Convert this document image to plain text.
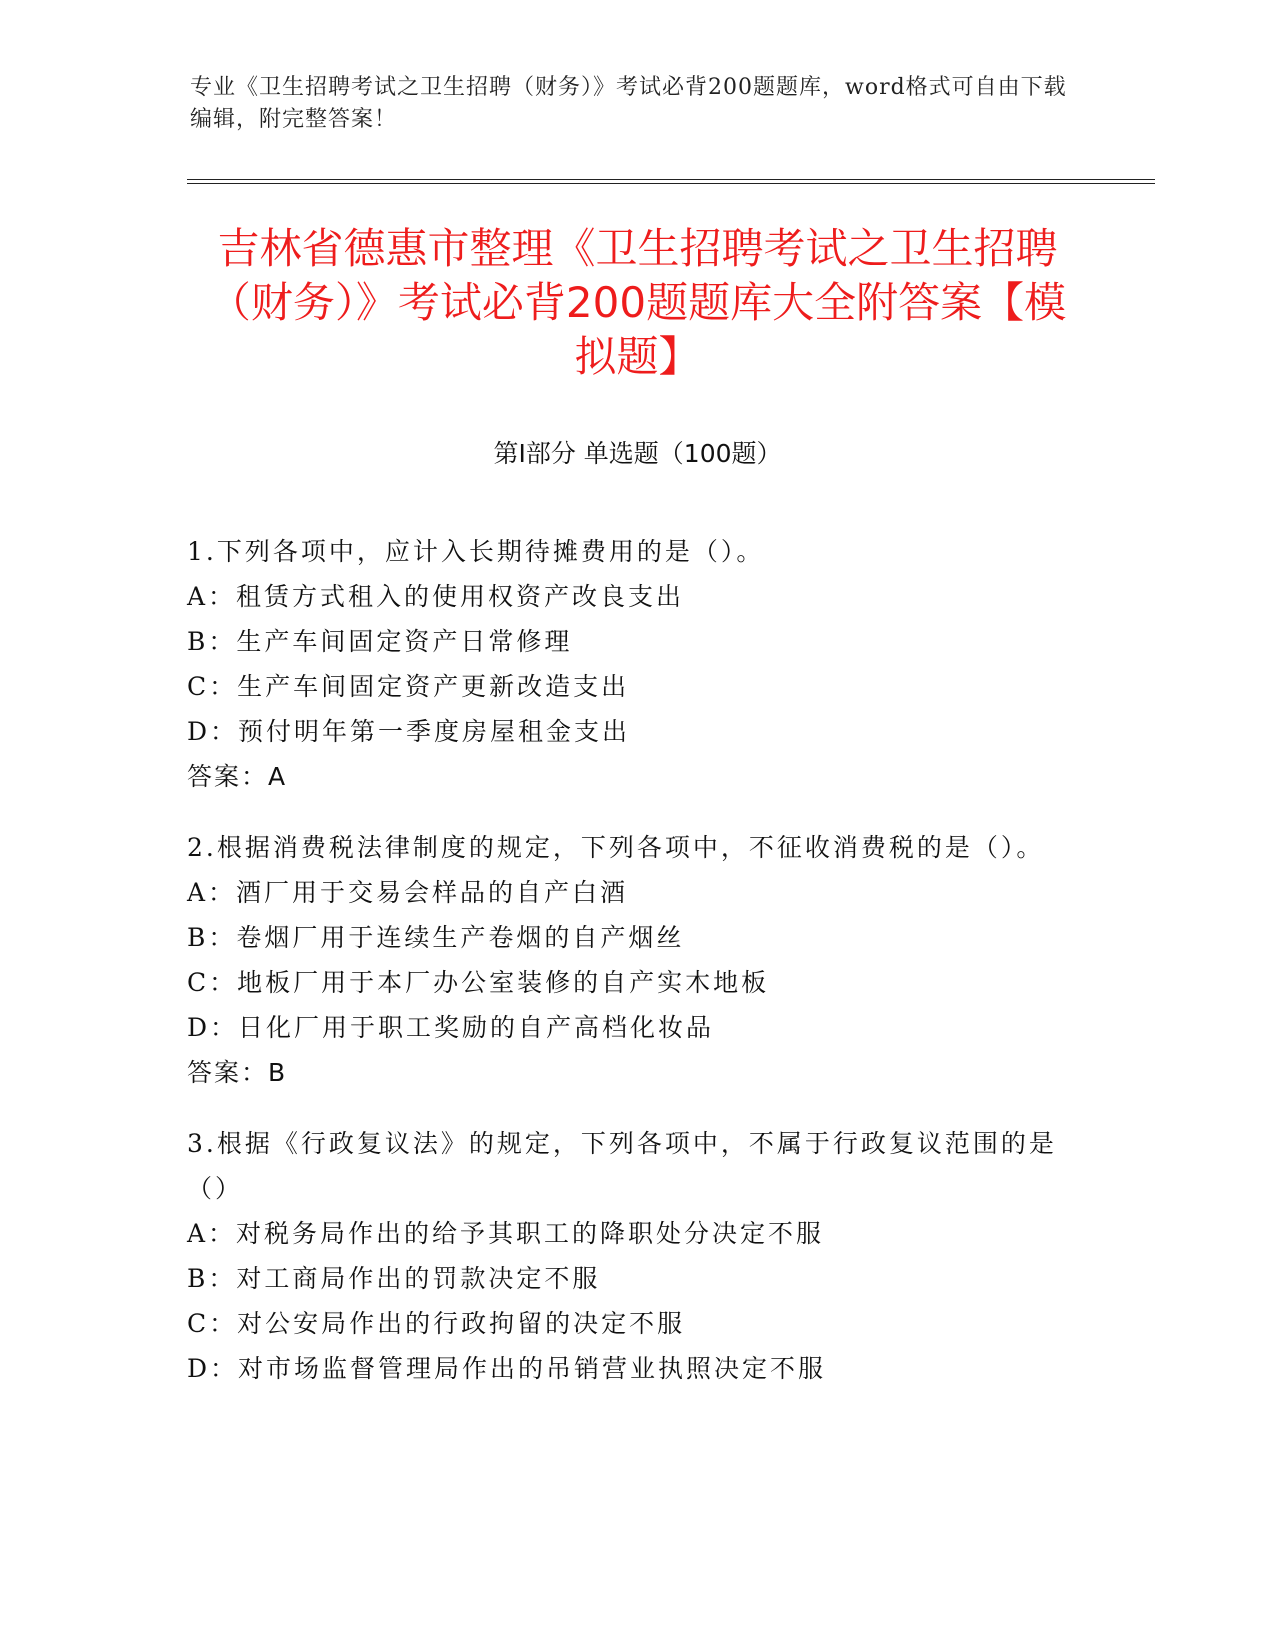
专业《卫生招聘考试之卫生招聘（财务）》考试必背200题题库，word格式可自由下载编辑，附完整答案！
吉林省德惠市整理《卫生招聘考试之卫生招聘（财务）》考试必背200题题库大全附答案【模拟题】
第I部分 单选题（100题）

1.下列各项中，应计入长期待摊费用的是（）。

A：租赁方式租入的使用权资产改良支出

B：生产车间固定资产日常修理

C：生产车间固定资产更新改造支出

D：预付明年第一季度房屋租金支出

答案：A

2.根据消费税法律制度的规定，下列各项中，不征收消费税的是（）。

A：酒厂用于交易会样品的自产白酒

B：卷烟厂用于连续生产卷烟的自产烟丝

C：地板厂用于本厂办公室装修的自产实木地板

D：日化厂用于职工奖励的自产高档化妆品

答案：B

3.根据《行政复议法》的规定，下列各项中，不属于行政复议范围的是（）

A：对税务局作出的给予其职工的降职处分决定不服

B：对工商局作出的罚款决定不服

C：对公安局作出的行政拘留的决定不服

D：对市场监督管理局作出的吊销营业执照决定不服
